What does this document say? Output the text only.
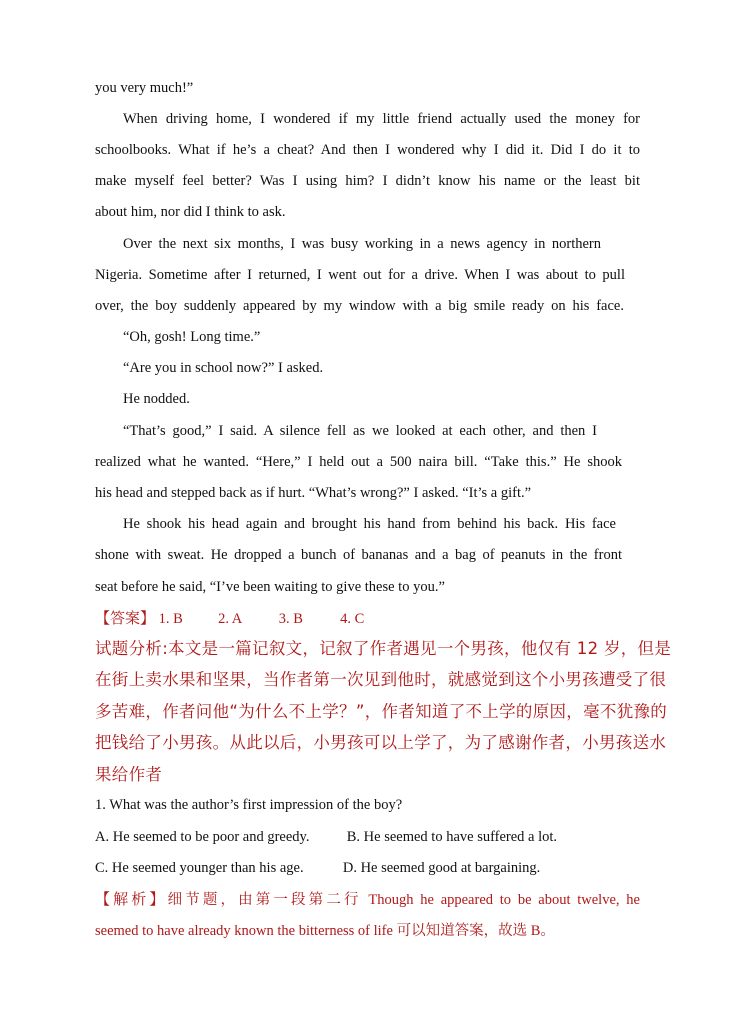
you very much!”
When driving home, I wondered if my little friend actually used the money for
schoolbooks. What if he’s a cheat? And then I wondered why I did it. Did I do it to
make myself feel better? Was I using him? I didn’t know his name or the least bit
about him, nor did I think to ask.
Over the next six months, I was busy working in a news agency in northern
Nigeria. Sometime after I returned, I went out for a drive. When I was about to pull
over, the boy suddenly appeared by my window with a big smile ready on his face.
“Oh, gosh! Long time.”
“Are you in school now?” I asked.
He nodded.
“That’s good,” I said. A silence fell as we looked at each other, and then I
realized what he wanted. “Here,” I held out a 500 naira bill. “Take this.” He shook
his head and stepped back as if hurt. “What’s wrong?” I asked. “It’s a gift.”
He shook his head again and brought his hand from behind his back. His face
shone with sweat. He dropped a bunch of bananas and a bag of peanuts in the front
seat before he said, “I’ve been waiting to give these to you.”
【答案】 1. B 2. A	3. B	4. C
试题分析:本文是一篇记叙文，记叙了作者遇见一个男孩，他仅有 12 岁，但是
在街上卖水果和坚果，当作者第一次见到他时，就感觉到这个小男孩遭受了很
多苦难，作者问他“为什么不上学？”，作者知道了不上学的原因，毫不犹豫的
把钱给了小男孩。从此以后，小男孩可以上学了，为了感谢作者，小男孩送水
果给作者
1. What was the author’s first impression of the boy?
A. He seemed to be poor and greedy.	B. He seemed to have suffered a lot.
C. He seemed younger than his age.	D. He seemed good at bargaining.
【解析】细节题，由第一段第二行 Though he appeared to be about twelve, he
seemed to have already known the bitterness of life 可以知道答案，故选 B。
